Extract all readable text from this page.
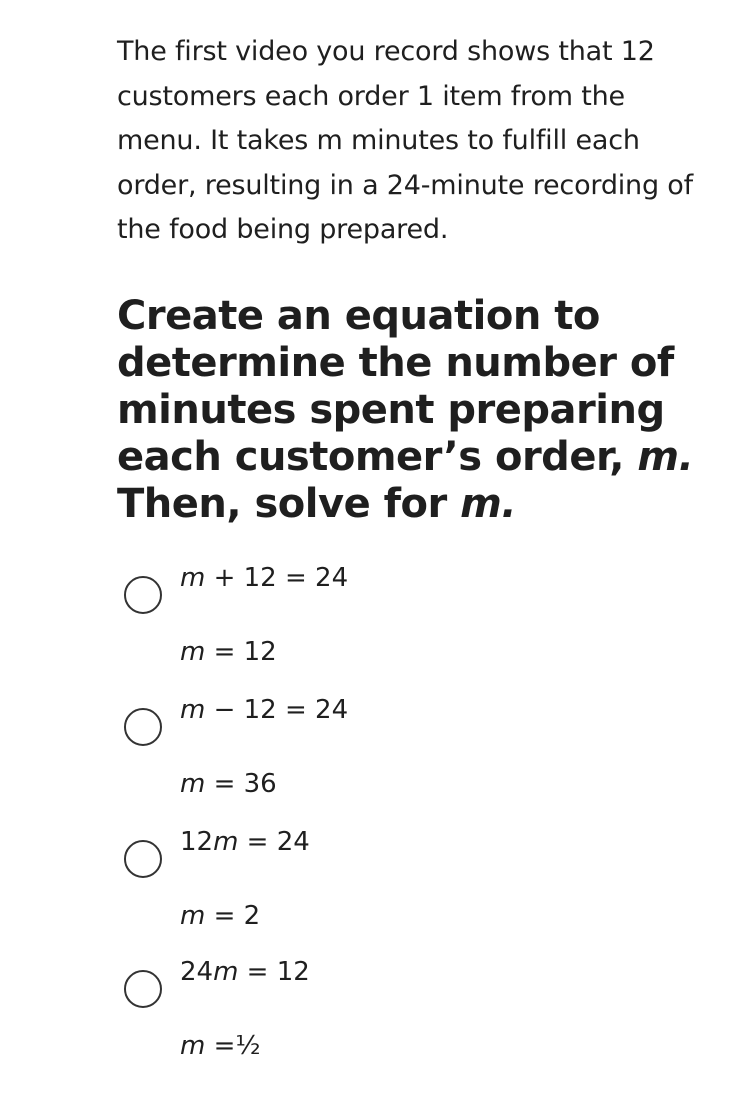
The first video you record shows that 12 customers each order 1 item from the menu. It takes m minutes to fulfill each order, resulting in a 24-minute recording of the food being prepared.

Create an equation to determine the number of minutes spent preparing each customer’s order, m. Then, solve for m.
m + 12 = 24
m = 12
m − 12 = 24
m = 36
12m = 24
m = 2
24m = 12
m =½
